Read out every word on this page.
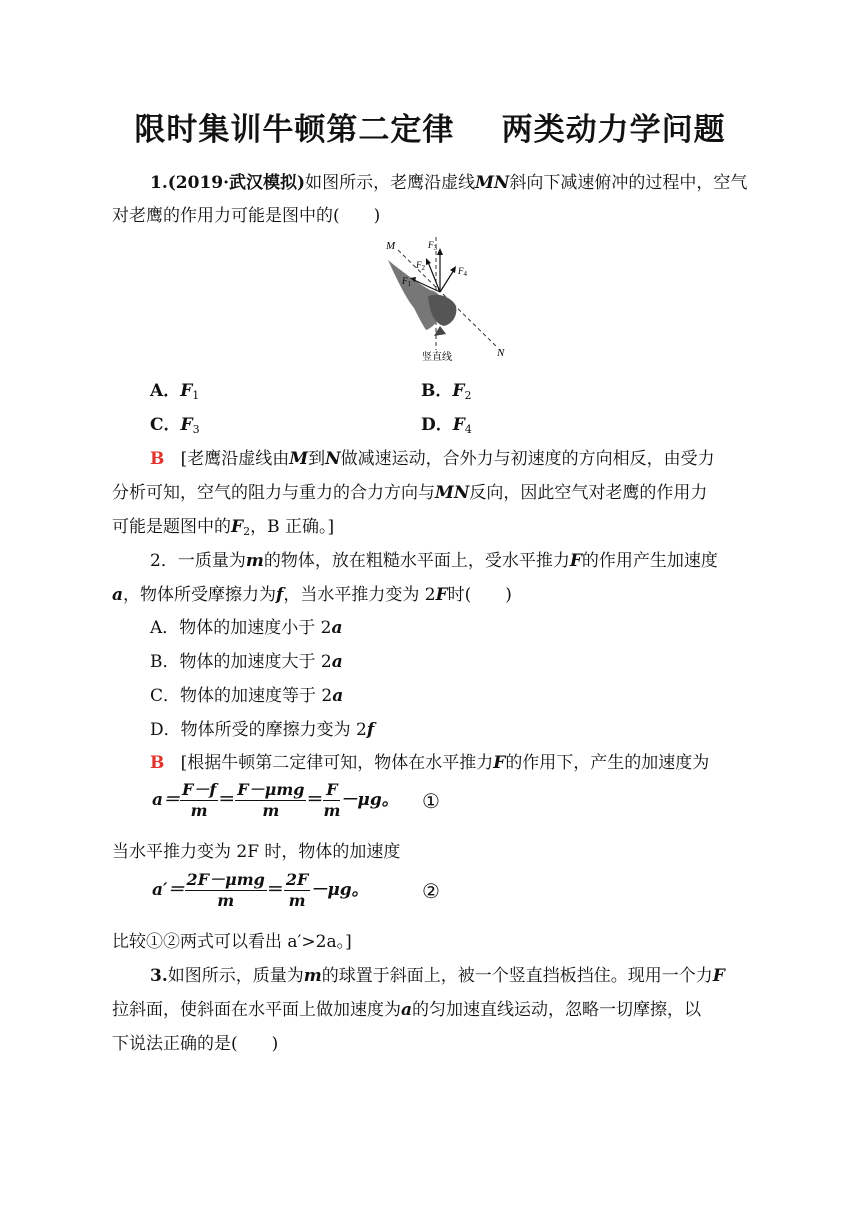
限时集训牛顿第二定律    两类动力学问题
1.(2019·武汉模拟)如图所示，老鹰沿虚线MN斜向下减速俯冲的过程中，空气
对老鹰的作用力可能是图中的(　　)
M
N
$F_3$
$F_2$	$F_4$
$F_1$
竖直线
A．$F_1$	B．$F_2$
C．$F_3$	D．$F_4$
B [老鹰沿虚线由M到N做减速运动，合外力与初速度的方向相反，由受力
分析可知，空气的阻力与重力的合力方向与MN反向，因此空气对老鹰的作用力
可能是题图中的$F_2$，B 正确。]
2．一质量为m的物体，放在粗糙水平面上，受水平推力F的作用产生加速度
a，物体所受摩擦力为f，当水平推力变为 2F时(　　)
A．物体的加速度小于 2a
B．物体的加速度大于 2a
C．物体的加速度等于 2a
D．物体所受的摩擦力变为 2f
B [根据牛顿第二定律可知，物体在水平推力F的作用下，产生的加速度为
$a= \frac{F-f}{m} = \frac{\text{F－μmg}}{m} = \frac{F}{m} -\mu g$。 ①
当水平推力变为 2F 时，物体的加速度
$a'= \frac{\text{2F－μmg}}{m} = \frac{2F}{m} -\mu g$。	②
比较①②两式可以看出 a′>2a。]
3.如图所示，质量为m的球置于斜面上，被一个竖直挡板挡住。现用一个力F
拉斜面，使斜面在水平面上做加速度为a的匀加速直线运动，忽略一切摩擦，以
下说法正确的是(　　)
